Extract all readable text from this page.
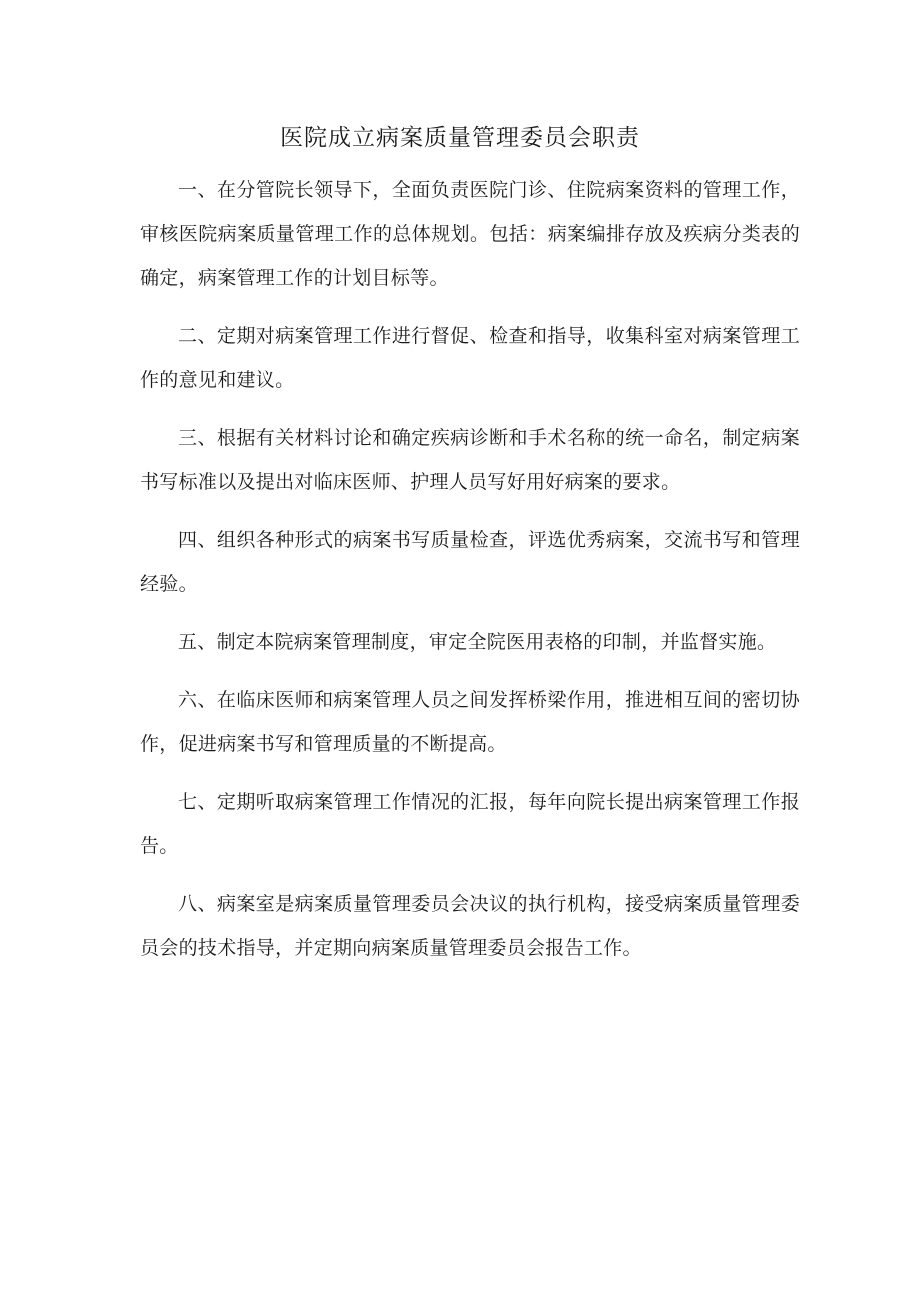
医院成立病案质量管理委员会职责

一、在分管院长领导下，全面负责医院门诊、住院病案资料的管理工作，审核医院病案质量管理工作的总体规划。包括：病案编排存放及疾病分类表的确定，病案管理工作的计划目标等。

二、定期对病案管理工作进行督促、检查和指导，收集科室对病案管理工作的意见和建议。

三、根据有关材料讨论和确定疾病诊断和手术名称的统一命名，制定病案书写标准以及提出对临床医师、护理人员写好用好病案的要求。

四、组织各种形式的病案书写质量检查，评选优秀病案，交流书写和管理经验。

五、制定本院病案管理制度，审定全院医用表格的印制，并监督实施。

六、在临床医师和病案管理人员之间发挥桥梁作用，推进相互间的密切协作，促进病案书写和管理质量的不断提高。

七、定期听取病案管理工作情况的汇报，每年向院长提出病案管理工作报告。

八、病案室是病案质量管理委员会决议的执行机构，接受病案质量管理委员会的技术指导，并定期向病案质量管理委员会报告工作。
